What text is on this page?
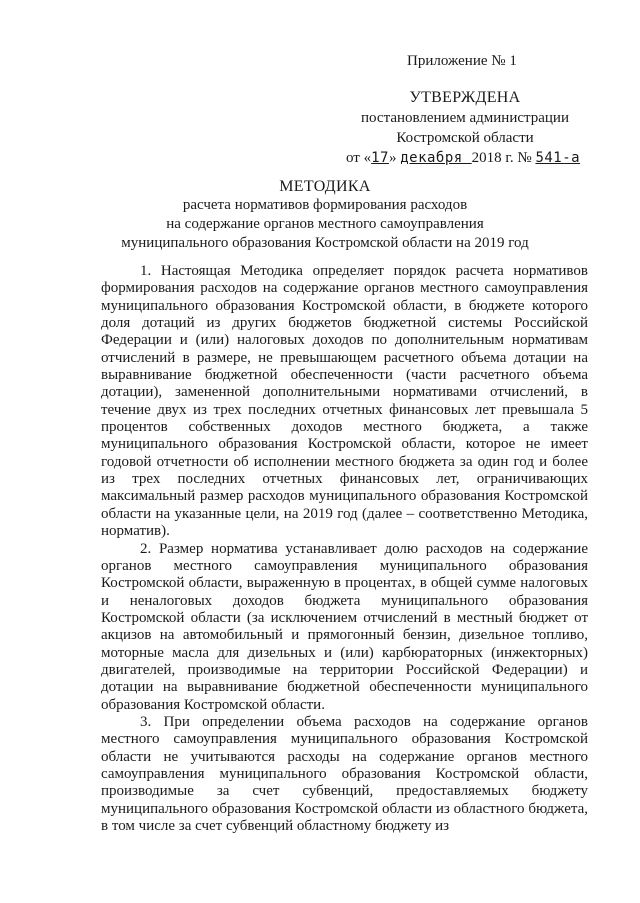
Приложение № 1
УТВЕРЖДЕНА
постановлением администрации
Костромской области
от «17» декабря 2018 г. № 541-а
МЕТОДИКА
расчета нормативов формирования расходов
на содержание органов местного самоуправления
муниципального образования Костромской области на 2019 год

1. Настоящая Методика определяет порядок расчета нормативов формирования расходов на содержание органов местного самоуправления муниципального образования Костромской области, в бюджете которого доля дотаций из других бюджетов бюджетной системы Российской Федерации и (или) налоговых доходов по дополнительным нормативам отчислений в размере, не превышающем расчетного объема дотации на выравнивание бюджетной обеспеченности (части расчетного объема дотации), замененной дополнительными нормативами отчислений, в течение двух из трех последних отчетных финансовых лет превышала 5 процентов собственных доходов местного бюджета, а также муниципального образования Костромской области, которое не имеет годовой отчетности об исполнении местного бюджета за один год и более из трех последних отчетных финансовых лет, ограничивающих максимальный размер расходов муниципального образования Костромской области на указанные цели, на 2019 год (далее – соответственно Методика, норматив).

2. Размер норматива устанавливает долю расходов на содержание органов местного самоуправления муниципального образования Костромской области, выраженную в процентах, в общей сумме налоговых и неналоговых доходов бюджета муниципального образования Костромской области (за исключением отчислений в местный бюджет от акцизов на автомобильный и прямогонный бензин, дизельное топливо, моторные масла для дизельных и (или) карбюраторных (инжекторных) двигателей, производимые на территории Российской Федерации) и дотации на выравнивание бюджетной обеспеченности муниципального образования Костромской области.

3. При определении объема расходов на содержание органов местного самоуправления муниципального образования Костромской области не учитываются расходы на содержание органов местного самоуправления муниципального образования Костромской области, производимые за счет субвенций, предоставляемых бюджету муниципального образования Костромской области из областного бюджета, в том числе за счет субвенций областному бюджету из
